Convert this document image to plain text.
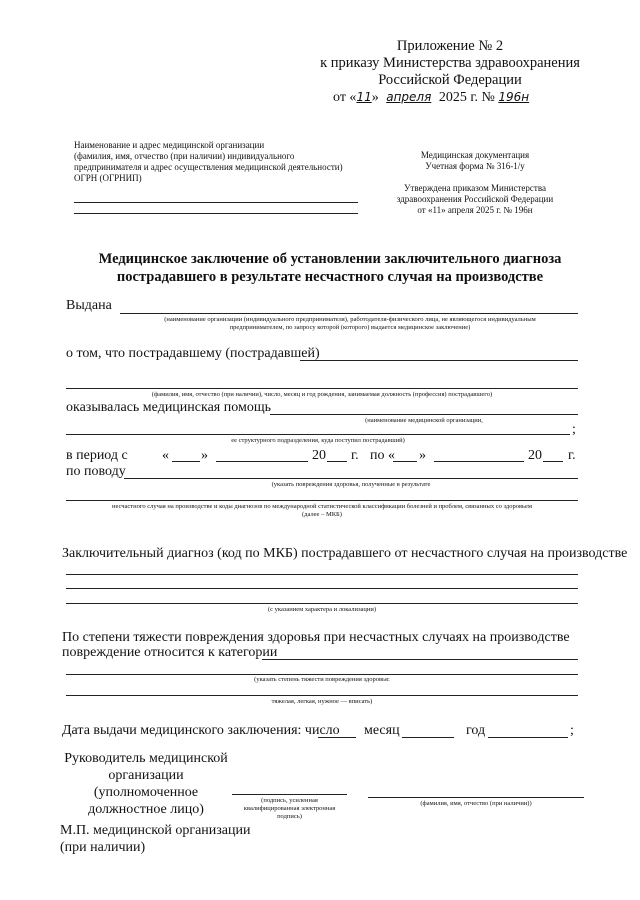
Приложение № 2
к приказу Министерства здравоохранения
Российской Федерации
от «11» апреля 2025 г. № 196н
Наименование и адрес медицинской организации
(фамилия, имя, отчество (при наличии) индивидуального
предпринимателя и адрес осуществления медицинской деятельности)
ОГРН (ОГРНИП)
Медицинская документация
Учетная форма № 316-1/у
Утверждена приказом Министерства
здравоохранения Российской Федерации
от «11» апреля 2025 г. № 196н
Медицинское заключение об установлении заключительного диагноза
пострадавшего в результате несчастного случая на производстве
Выдана
(наименование организации (индивидуального предпринимателя), работодателя-физического лица, не являющегося индивидуальным
предпринимателем, по запросу которой (которого) выдается медицинское заключение)
о том, что пострадавшему (пострадавшей)
(фамилия, имя, отчество (при наличии), число, месяц и год рождения, занимаемая должность (профессия) пострадавшего)
оказывалась медицинская помощь
(наименование медицинской организации,
;
ее структурного подразделения, куда поступил пострадавший)
в период с « »	20 г. по « »	20 г.
по поводу
(указать повреждения здоровья, полученные в результате
несчастного случая на производстве и коды диагнозов по международной статистической классификации болезней и проблем, связанных со здоровьем
(далее – МКБ)
Заключительный диагноз (код по МКБ) пострадавшего от несчастного случая на производстве
(с указанием характера и локализации)
По степени тяжести повреждения здоровья при несчастных случаях на производстве
повреждение относится к категории
(указать степень тяжести повреждения здоровья:
тяжелая, легкая, нужное — вписать)
Дата выдачи медицинского заключения: число месяц	год	;
Руководитель медицинской
организации (уполномоченное
должностное лицо)
(подпись, усиленная
квалифицированная электронная
подпись)
(фамилия, имя, отчество (при наличии))
М.П. медицинской организации
(при наличии)
